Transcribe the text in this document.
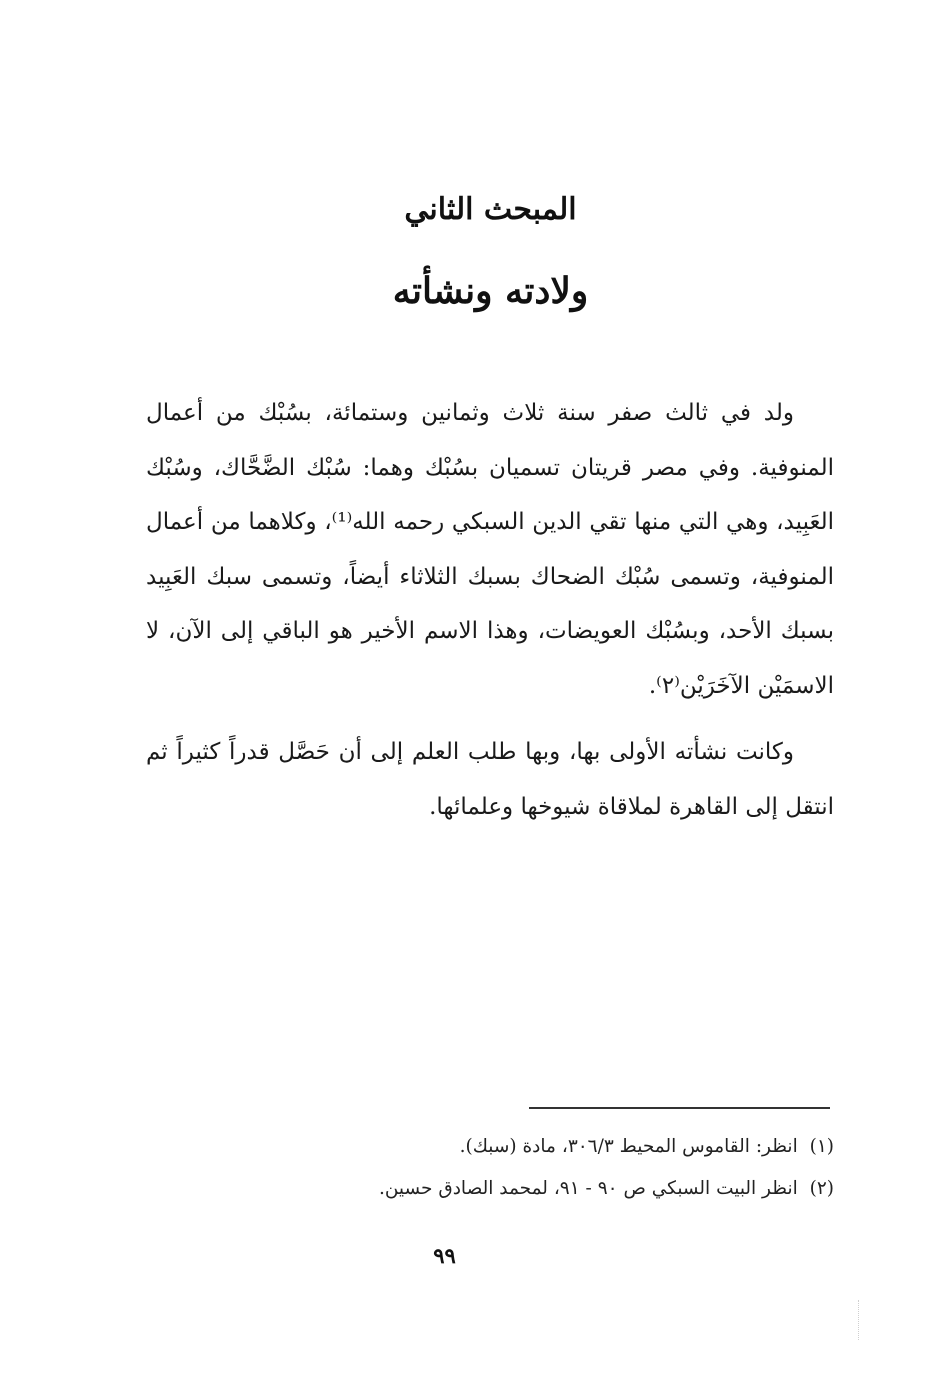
المبحث الثاني
ولادته ونشأته

ولد في ثالث صفر سنة ثلاث وثمانين وستمائة، بسُبْك من أعمال المنوفية. وفي مصر قريتان تسميان بسُبْك وهما: سُبْك الضَّحَّاك، وسُبْك العَبِيد، وهي التي منها تقي الدين السبكي رحمه الله⁽¹⁾، وكلاهما من أعمال المنوفية، وتسمى سُبْك الضحاك بسبك الثلاثاء أيضاً، وتسمى سبك العَبِيد بسبك الأحد، وبسُبْك العويضات، وهذا الاسم الأخير هو الباقي إلى الآن، لا الاسمَيْن الآخَرَيْن⁽٢⁾.

وكانت نشأته الأولى بها، وبها طلب العلم إلى أن حَصَّل قدراً كثيراً ثم انتقل إلى القاهرة لملاقاة شيوخها وعلمائها.

(١) انظر: القاموس المحيط ٣٠٦/٣، مادة (سبك).
(٢) انظر البيت السبكي ص ٩٠ - ٩١، لمحمد الصادق حسين.
٩٩
